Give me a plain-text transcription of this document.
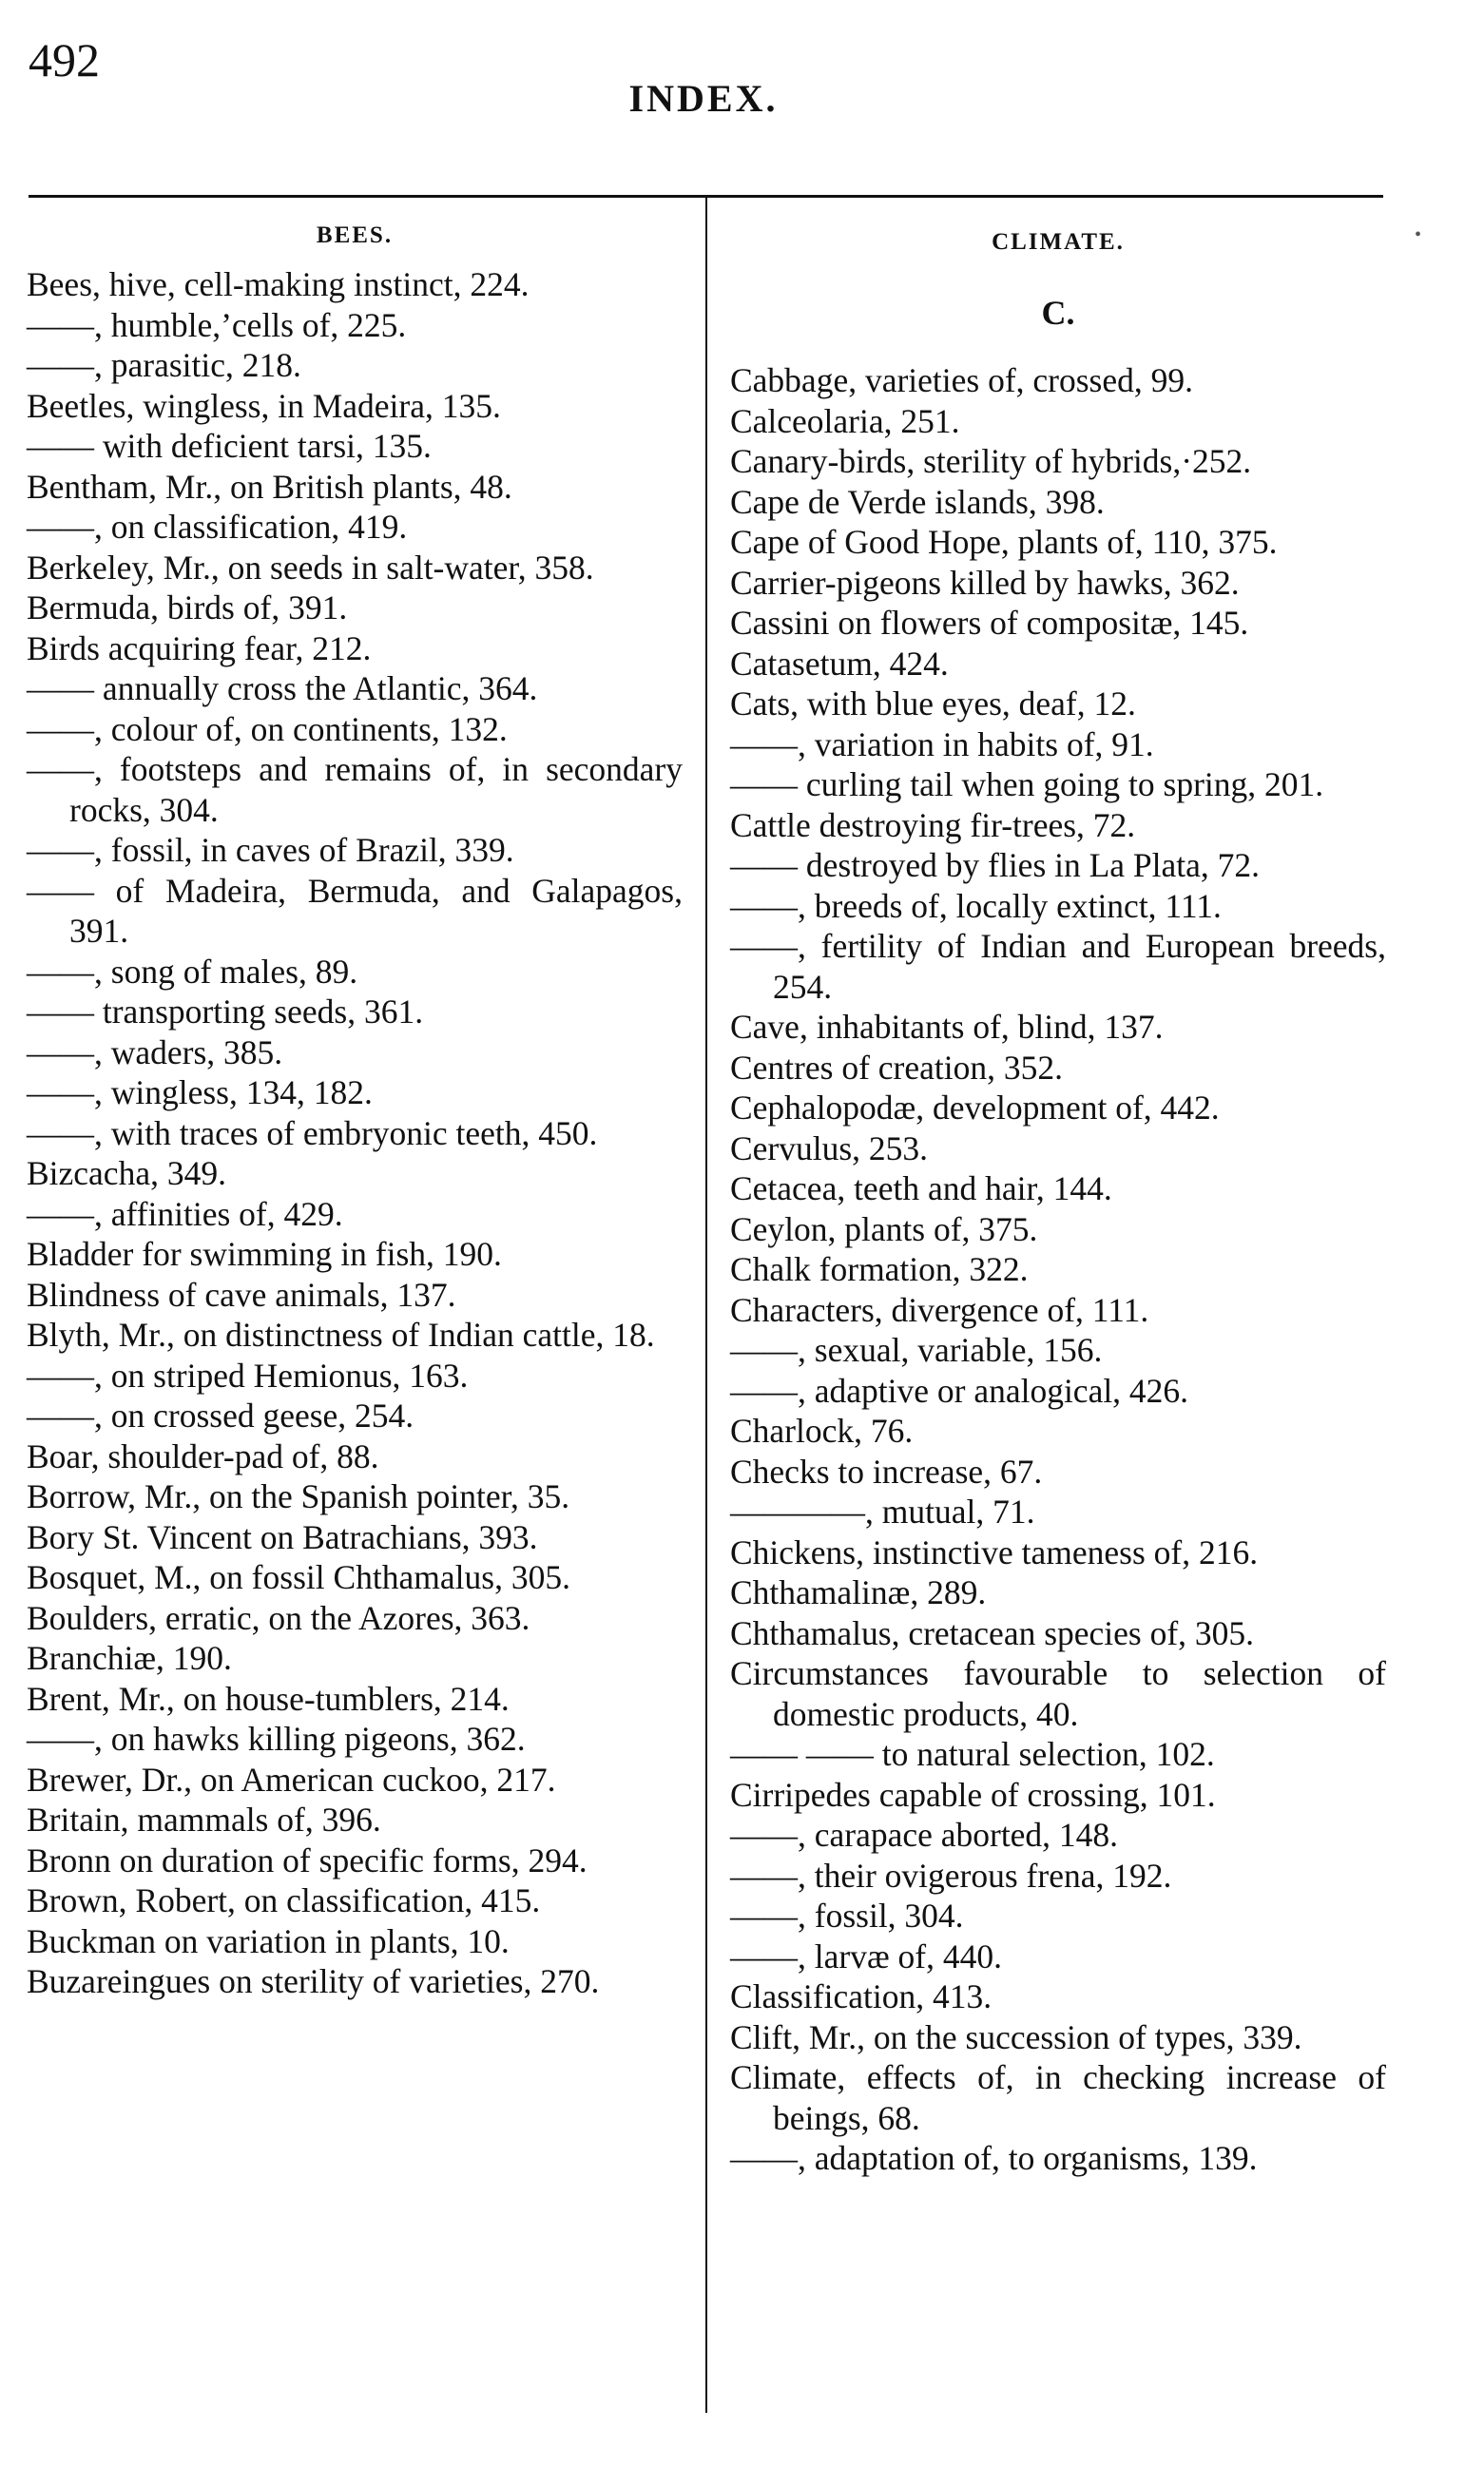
492
INDEX.
•
BEES.
Bees, hive, cell-making instinct, 224.
——, humble,’cells of, 225.
——, parasitic, 218.
Beetles, wingless, in Madeira, 135.
—— with deficient tarsi, 135.
Bentham, Mr., on British plants, 48.
——, on classification, 419.
Berkeley, Mr., on seeds in salt-water, 358.
Bermuda, birds of, 391.
Birds acquiring fear, 212.
—— annually cross the Atlantic, 364.
——, colour of, on continents, 132.
——, footsteps and remains of, in secondary rocks, 304.
——, fossil, in caves of Brazil, 339.
—— of Madeira, Bermuda, and Galapagos, 391.
——, song of males, 89.
—— transporting seeds, 361.
——, waders, 385.
——, wingless, 134, 182.
——, with traces of embryonic teeth, 450.
Bizcacha, 349.
——, affinities of, 429.
Bladder for swimming in fish, 190.
Blindness of cave animals, 137.
Blyth, Mr., on distinctness of Indian cattle, 18.
——, on striped Hemionus, 163.
——, on crossed geese, 254.
Boar, shoulder-pad of, 88.
Borrow, Mr., on the Spanish pointer, 35.
Bory St. Vincent on Batrachians, 393.
Bosquet, M., on fossil Chthamalus, 305.
Boulders, erratic, on the Azores, 363.
Branchiæ, 190.
Brent, Mr., on house-tumblers, 214.
——, on hawks killing pigeons, 362.
Brewer, Dr., on American cuckoo, 217.
Britain, mammals of, 396.
Bronn on duration of specific forms, 294.
Brown, Robert, on classification, 415.
Buckman on variation in plants, 10.
Buzareingues on sterility of varieties, 270.
CLIMATE.
C.
Cabbage, varieties of, crossed, 99.
Calceolaria, 251.
Canary-birds, sterility of hybrids,·252.
Cape de Verde islands, 398.
Cape of Good Hope, plants of, 110, 375.
Carrier-pigeons killed by hawks, 362.
Cassini on flowers of compositæ, 145.
Catasetum, 424.
Cats, with blue eyes, deaf, 12.
——, variation in habits of, 91.
—— curling tail when going to spring, 201.
Cattle destroying fir-trees, 72.
—— destroyed by flies in La Plata, 72.
——, breeds of, locally extinct, 111.
——, fertility of Indian and European breeds, 254.
Cave, inhabitants of, blind, 137.
Centres of creation, 352.
Cephalopodæ, development of, 442.
Cervulus, 253.
Cetacea, teeth and hair, 144.
Ceylon, plants of, 375.
Chalk formation, 322.
Characters, divergence of, 111.
——, sexual, variable, 156.
——, adaptive or analogical, 426.
Charlock, 76.
Checks to increase, 67.
————, mutual, 71.
Chickens, instinctive tameness of, 216.
Chthamalinæ, 289.
Chthamalus, cretacean species of, 305.
Circumstances favourable to selection of domestic products, 40.
—— —— to natural selection, 102.
Cirripedes capable of crossing, 101.
——, carapace aborted, 148.
——, their ovigerous frena, 192.
——, fossil, 304.
——, larvæ of, 440.
Classification, 413.
Clift, Mr., on the succession of types, 339.
Climate, effects of, in checking increase of beings, 68.
——, adaptation of, to organisms, 139.
